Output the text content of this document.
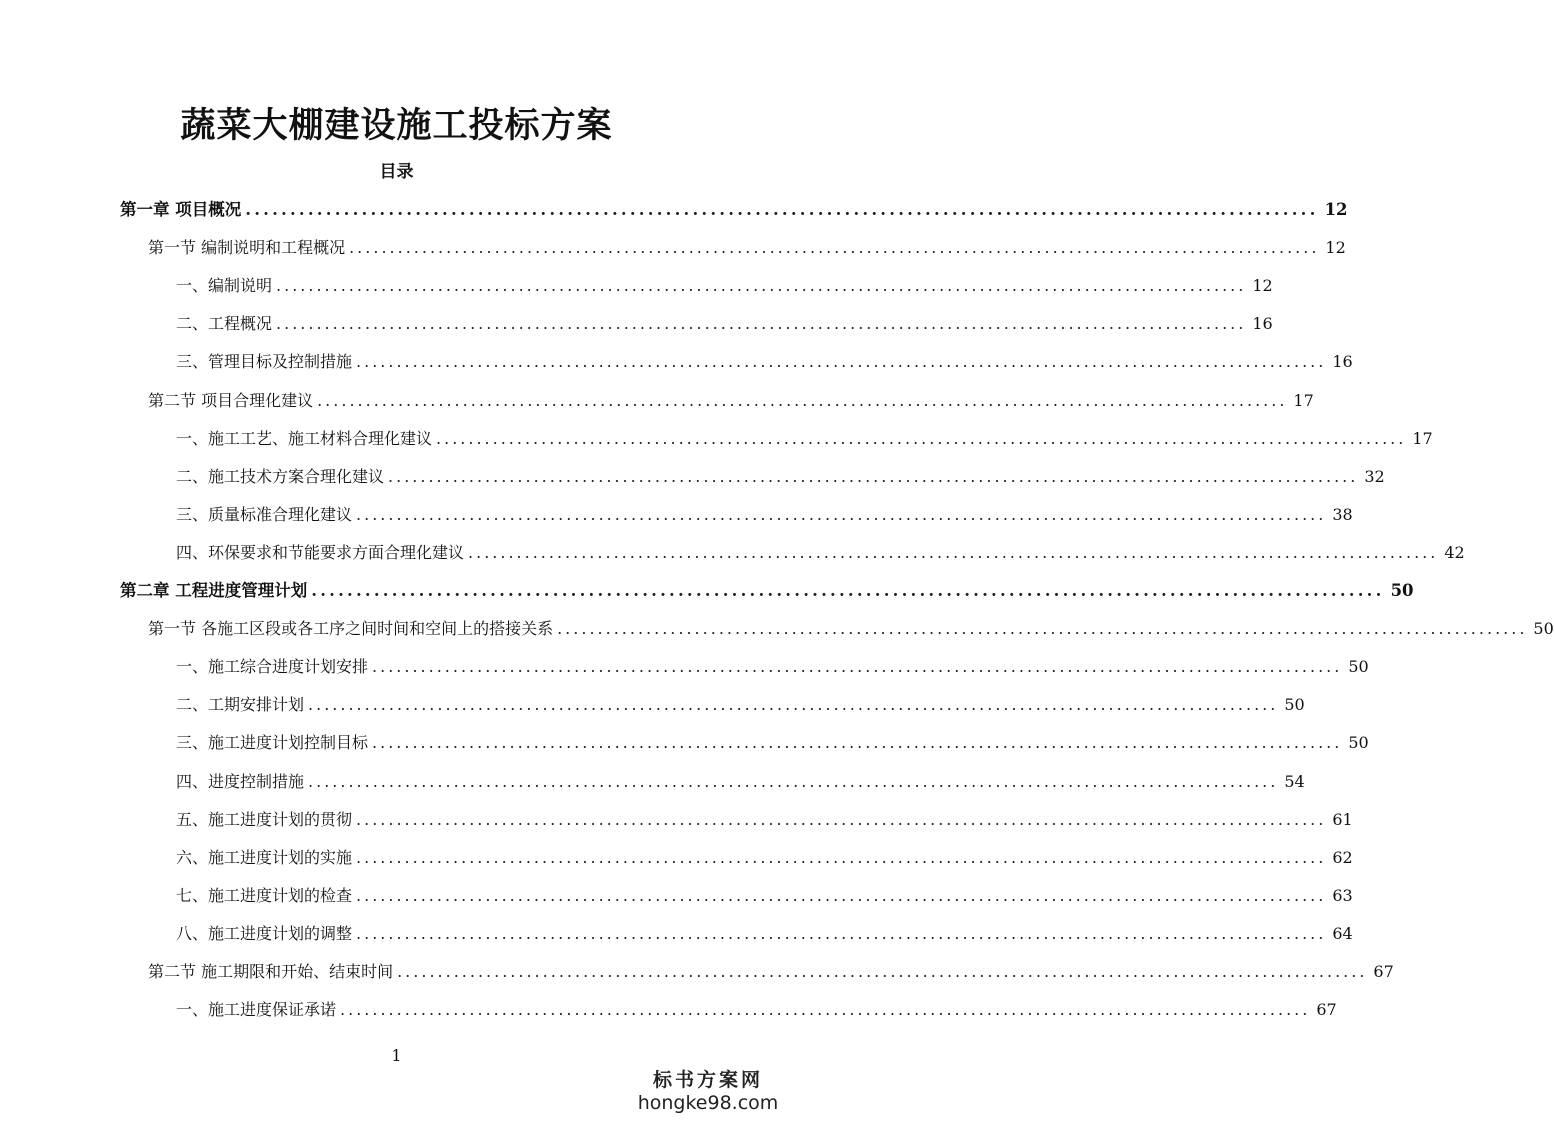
蔬菜大棚建设施工投标方案
目录
第一章 项目概况 ........................................................................................................................ 12
第一节 编制说明和工程概况 ........................................................................................................................ 12
一、编制说明 ........................................................................................................................ 12
二、工程概况 ........................................................................................................................ 16
三、管理目标及控制措施 ........................................................................................................................ 16
第二节 项目合理化建议 ........................................................................................................................ 17
一、施工工艺、施工材料合理化建议 ........................................................................................................................ 17
二、施工技术方案合理化建议 ........................................................................................................................ 32
三、质量标准合理化建议 ........................................................................................................................ 38
四、环保要求和节能要求方面合理化建议 ........................................................................................................................ 42
第二章 工程进度管理计划 ........................................................................................................................ 50
第一节 各施工区段或各工序之间时间和空间上的搭接关系 ........................................................................................................................ 50
一、施工综合进度计划安排 ........................................................................................................................ 50
二、工期安排计划 ........................................................................................................................ 50
三、施工进度计划控制目标 ........................................................................................................................ 50
四、进度控制措施 ........................................................................................................................ 54
五、施工进度计划的贯彻 ........................................................................................................................ 61
六、施工进度计划的实施 ........................................................................................................................ 62
七、施工进度计划的检查 ........................................................................................................................ 63
八、施工进度计划的调整 ........................................................................................................................ 64
第二节 施工期限和开始、结束时间 ........................................................................................................................ 67
一、施工进度保证承诺 ........................................................................................................................ 67
1
标书方案网
hongke98.com
